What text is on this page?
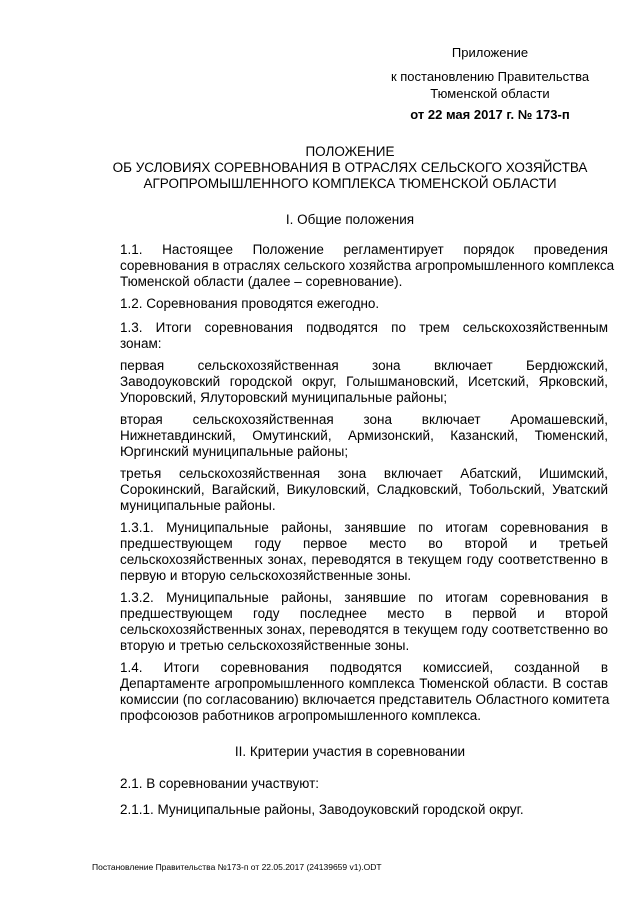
Приложение
к постановлению Правительства
Тюменской области
от 22 мая 2017 г. № 173-п
ПОЛОЖЕНИЕ
ОБ УСЛОВИЯХ СОРЕВНОВАНИЯ В ОТРАСЛЯХ СЕЛЬСКОГО ХОЗЯЙСТВА
АГРОПРОМЫШЛЕННОГО КОМПЛЕКСА ТЮМЕНСКОЙ ОБЛАСТИ
I. Общие положения
1.1. Настоящее Положение регламентирует порядок проведения
соревнования в отраслях сельского хозяйства агропромышленного комплекса
Тюменской области (далее – соревнование).
1.2. Соревнования проводятся ежегодно.
1.3. Итоги соревнования подводятся по трем сельскохозяйственным
зонам:
первая сельскохозяйственная зона включает Бердюжский,
Заводоуковский городской округ, Голышмановский, Исетский, Ярковский,
Упоровский, Ялуторовский муниципальные районы;
вторая сельскохозяйственная зона включает Аромашевский,
Нижнетавдинский, Омутинский, Армизонский, Казанский, Тюменский,
Юргинский муниципальные районы;
третья сельскохозяйственная зона включает Абатский, Ишимский,
Сорокинский, Вагайский, Викуловский, Сладковский, Тобольский, Уватский
муниципальные районы.
1.3.1. Муниципальные районы, занявшие по итогам соревнования в
предшествующем году первое место во второй и третьей
сельскохозяйственных зонах, переводятся в текущем году соответственно в
первую и вторую сельскохозяйственные зоны.
1.3.2. Муниципальные районы, занявшие по итогам соревнования в
предшествующем году последнее место в первой и второй
сельскохозяйственных зонах, переводятся в текущем году соответственно во
вторую и третью сельскохозяйственные зоны.
1.4. Итоги соревнования подводятся комиссией, созданной в
Департаменте агропромышленного комплекса Тюменской области. В состав
комиссии (по согласованию) включается представитель Областного комитета
профсоюзов работников агропромышленного комплекса.
II. Критерии участия в соревновании
2.1. В соревновании участвуют:
2.1.1. Муниципальные районы, Заводоуковский городской округ.
Постановление Правительства №173-п от 22.05.2017 (24139659 v1).ODT
